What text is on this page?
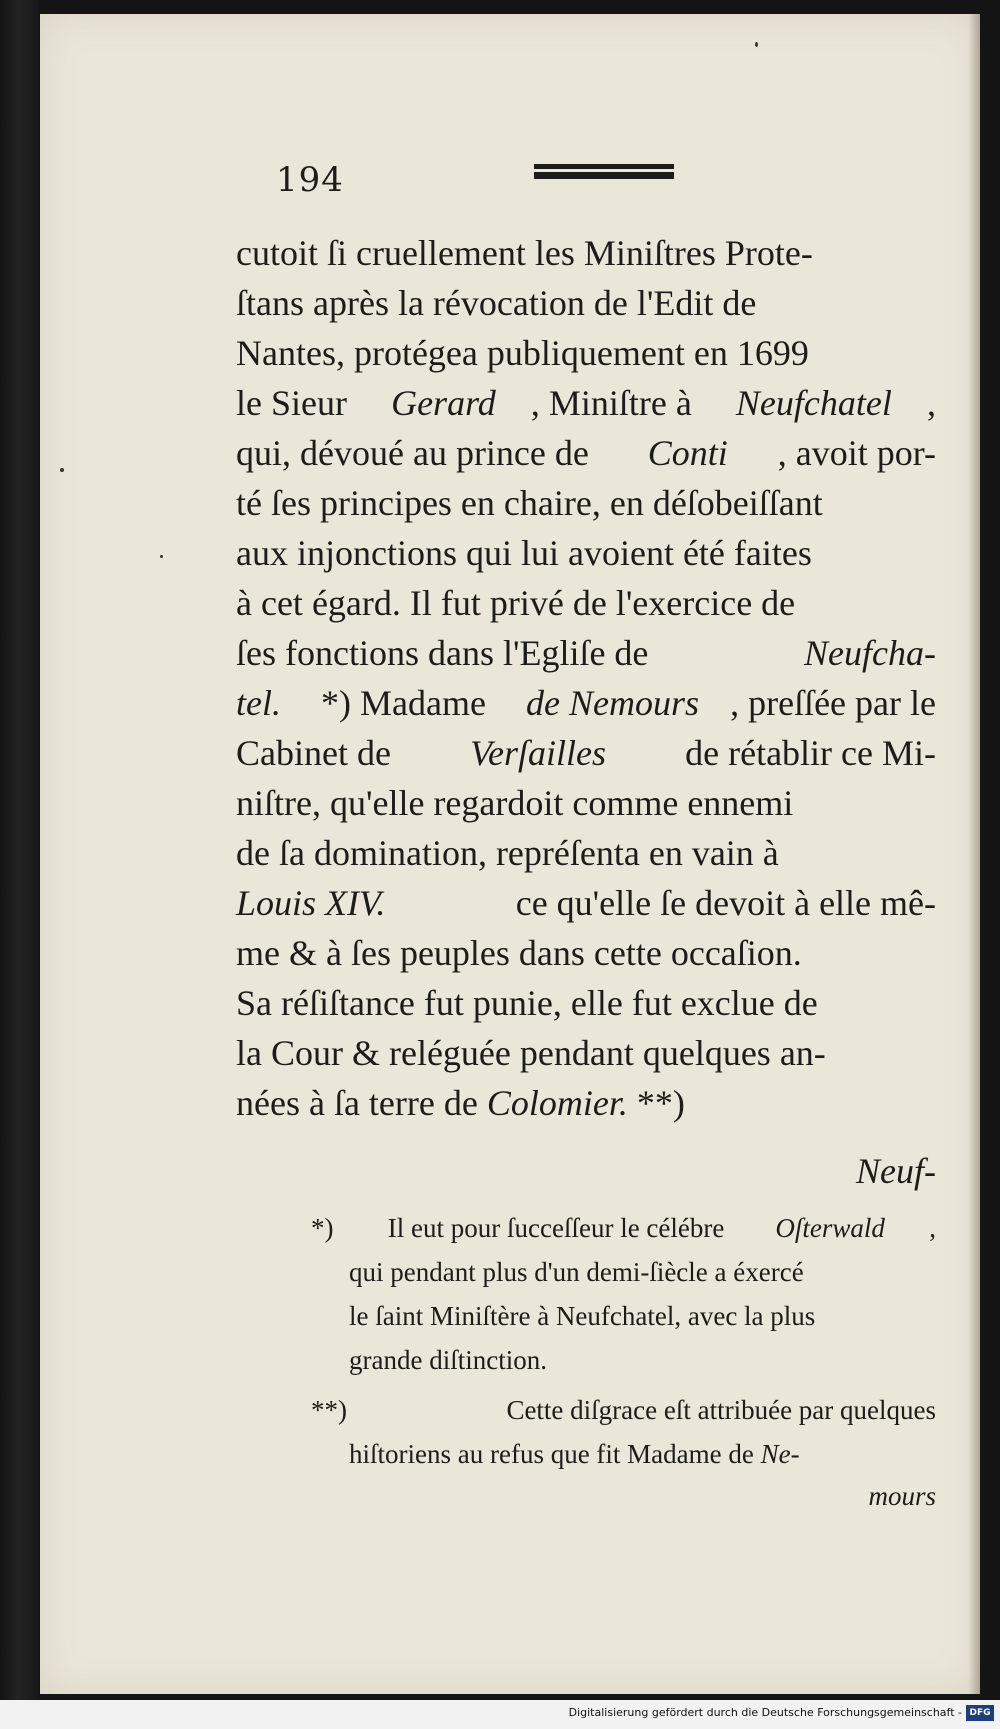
194
cutoit ſi cruellement les Miniſtres Prote-
ſtans après la révocation de l'Edit de
Nantes, protégea publiquement en 1699
le Sieur Gerard , Miniſtre à Neufchatel ,
qui, dévoué au prince de Conti , avoit por-
té ſes principes en chaire, en déſobeiſſant
aux injonctions qui lui avoient été faites
à cet égard. Il fut privé de l'exercice de
ſes fonctions dans l'Egliſe de	Neufcha-
tel. *) Madame de Nemours , preſſée par le
Cabinet de Verſailles de rétablir ce Mi-
niſtre, qu'elle regardoit comme ennemi
de ſa domination, repréſenta en vain à
Louis XIV.	ce qu'elle ſe devoit à elle mê-
me & à ſes peuples dans cette occaſion.
Sa réſiſtance fut punie, elle fut exclue de
la Cour & reléguée pendant quelques an-
nées à ſa terre de Colomier. **)
Neuf-
*) Il eut pour ſucceſſeur le célébre Oſterwald ,
qui pendant plus d'un demi-ſiècle a éxercé
le ſaint Miniſtère à Neufchatel, avec la plus
grande diſtinction.
**)	Cette diſgrace eſt attribuée par quelques
hiſtoriens au refus que fit Madame de Ne-
mours
Digitalisierung gefördert durch die Deutsche Forschungsgemeinschaft - DFG
